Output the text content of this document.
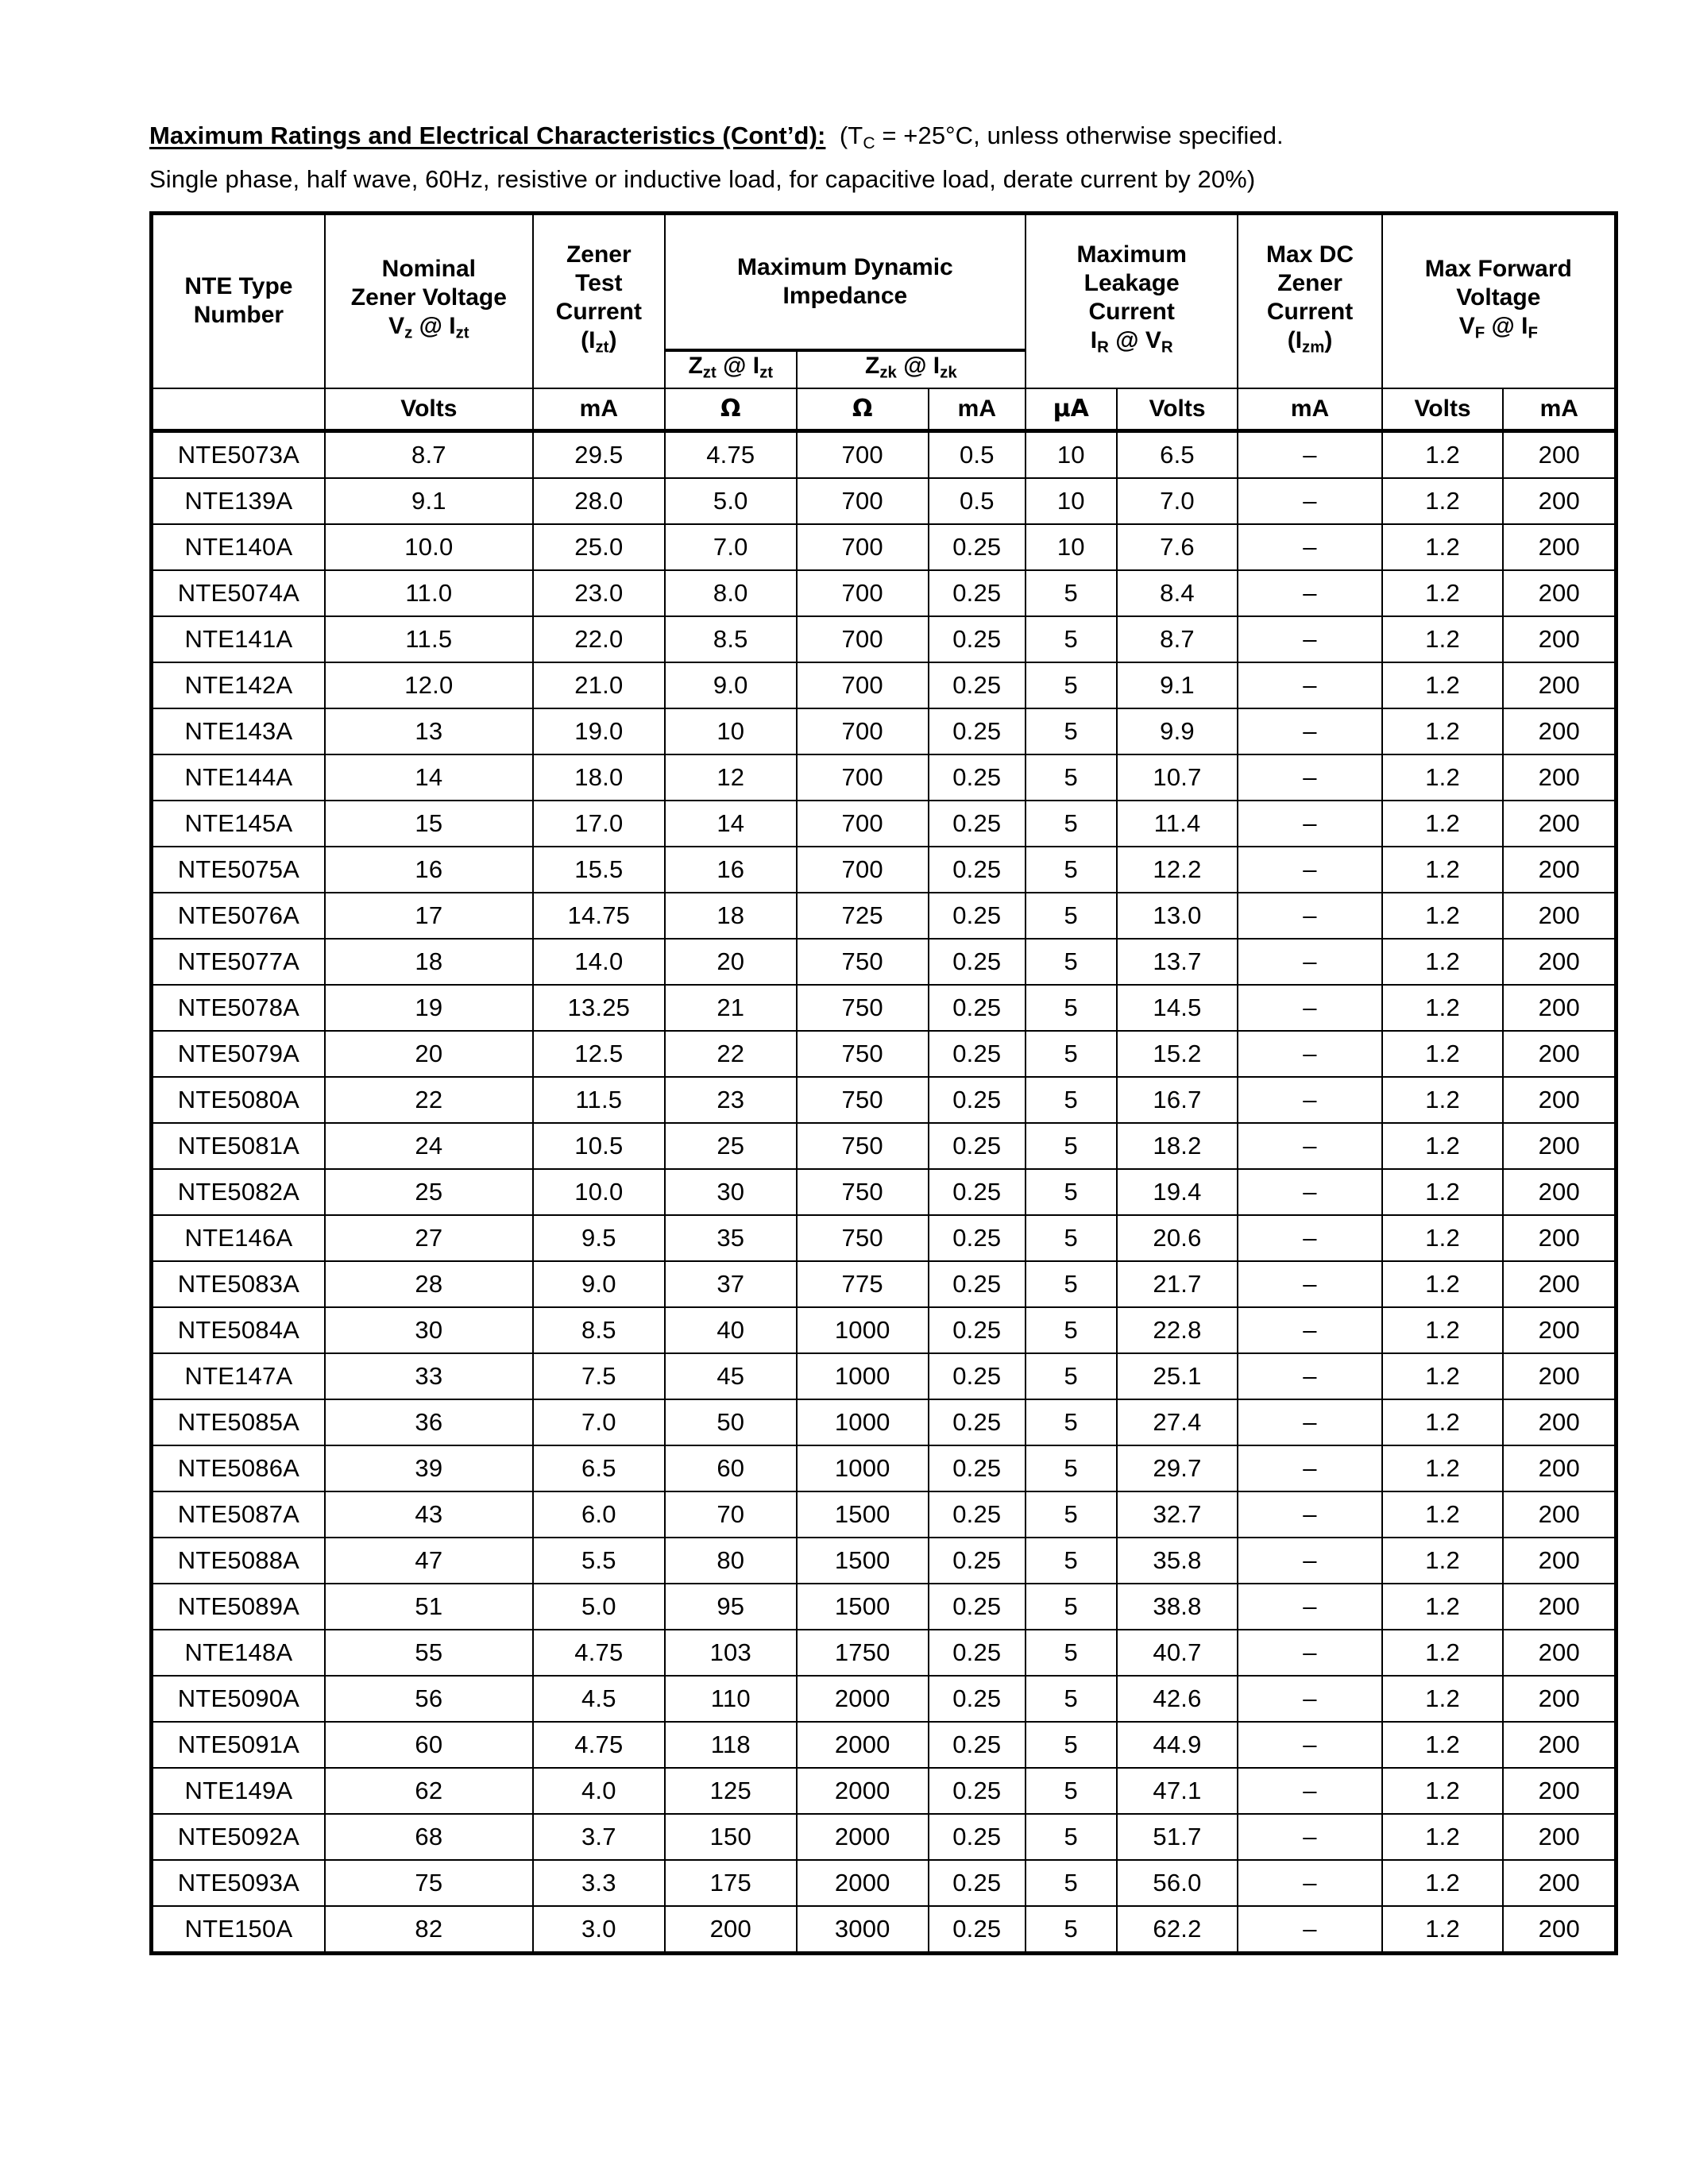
Maximum Ratings and Electrical Characteristics (Cont’d): ($T_C = +25^\circ C$, unless otherwise specified.
Single phase, half wave, 60Hz, resistive or inductive load, for capacitive load, derate current by 20%)
NTE Type
Number

Nominal
Zener Voltage
$V_z$ @ $I_{zt}$

Zener
Test
Current
$(I_{zt})$

Maximum Dynamic
Impedance

Maximum
Leakage
Current
$I_R$ @ $V_R$

Max DC
Zener
Current
$(I_{zm})$

Max Forward
Voltage
$V_F$ @ $I_F$

			$Z_{zt}$ @ $I_{zt}$	$Z_{zk}$ @ $I_{zk}$
	Volts	mA	Ω	Ω	mA	μA	Volts	mA	Volts	mA
NTE5073A	8.7	29.5	4.75	700	0.5	10	6.5	–	1.2	200
NTE139A	9.1	28.0	5.0	700	0.5	10	7.0	–	1.2	200
NTE140A	10.0	25.0	7.0	700	0.25	10	7.6	–	1.2	200
NTE5074A	11.0	23.0	8.0	700	0.25	5	8.4	–	1.2	200
NTE141A	11.5	22.0	8.5	700	0.25	5	8.7	–	1.2	200
NTE142A	12.0	21.0	9.0	700	0.25	5	9.1	–	1.2	200
NTE143A	13	19.0	10	700	0.25	5	9.9	–	1.2	200
NTE144A	14	18.0	12	700	0.25	5	10.7	–	1.2	200
NTE145A	15	17.0	14	700	0.25	5	11.4	–	1.2	200
NTE5075A	16	15.5	16	700	0.25	5	12.2	–	1.2	200
NTE5076A	17	14.75	18	725	0.25	5	13.0	–	1.2	200
NTE5077A	18	14.0	20	750	0.25	5	13.7	–	1.2	200
NTE5078A	19	13.25	21	750	0.25	5	14.5	–	1.2	200
NTE5079A	20	12.5	22	750	0.25	5	15.2	–	1.2	200
NTE5080A	22	11.5	23	750	0.25	5	16.7	–	1.2	200
NTE5081A	24	10.5	25	750	0.25	5	18.2	–	1.2	200
NTE5082A	25	10.0	30	750	0.25	5	19.4	–	1.2	200
NTE146A	27	9.5	35	750	0.25	5	20.6	–	1.2	200
NTE5083A	28	9.0	37	775	0.25	5	21.7	–	1.2	200
NTE5084A	30	8.5	40	1000	0.25	5	22.8	–	1.2	200
NTE147A	33	7.5	45	1000	0.25	5	25.1	–	1.2	200
NTE5085A	36	7.0	50	1000	0.25	5	27.4	–	1.2	200
NTE5086A	39	6.5	60	1000	0.25	5	29.7	–	1.2	200
NTE5087A	43	6.0	70	1500	0.25	5	32.7	–	1.2	200
NTE5088A	47	5.5	80	1500	0.25	5	35.8	–	1.2	200
NTE5089A	51	5.0	95	1500	0.25	5	38.8	–	1.2	200
NTE148A	55	4.75	103	1750	0.25	5	40.7	–	1.2	200
NTE5090A	56	4.5	110	2000	0.25	5	42.6	–	1.2	200
NTE5091A	60	4.75	118	2000	0.25	5	44.9	–	1.2	200
NTE149A	62	4.0	125	2000	0.25	5	47.1	–	1.2	200
NTE5092A	68	3.7	150	2000	0.25	5	51.7	–	1.2	200
NTE5093A	75	3.3	175	2000	0.25	5	56.0	–	1.2	200
NTE150A	82	3.0	200	3000	0.25	5	62.2	–	1.2	200
